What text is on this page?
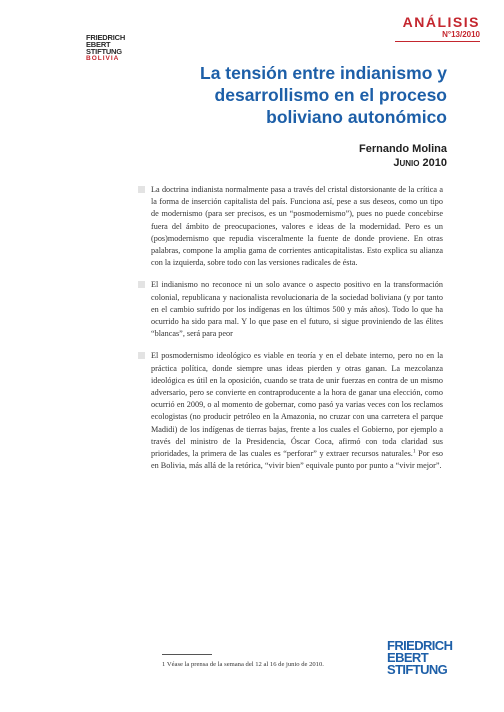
ANÁLISIS
N°13/2010
FRIEDRICH
EBERT
STIFTUNG
BOLIVIA
La tensión entre indianismo y desarrollismo en el proceso boliviano autonómico
Fernando Molina
Junio 2010
La doctrina indianista normalmente pasa a través del cristal distorsionante de la crítica a la forma de inserción capitalista del país. Funciona así, pese a sus deseos, como un tipo de modernismo (para ser precisos, es un “posmodernismo”), pues no puede concebirse fuera del ámbito de preocupaciones, valores e ideas de la modernidad. Pero es un (pos)modernismo que repudia visceralmente la fuente de donde proviene. En otras palabras, compone la amplia gama de corrientes anticapitalistas. Esto explica su alianza con la izquierda, sobre todo con las versiones radicales de ésta.
El indianismo no reconoce ni un solo avance o aspecto positivo en la transformación colonial, republicana y nacionalista revolucionaria de la sociedad boliviana (y por tanto en el cambio sufrido por los indígenas en los últimos 500 y más años). Todo lo que ha ocurrido ha sido para mal. Y lo que pase en el futuro, si sigue proviniendo de las élites “blancas”, será para peor
El posmodernismo ideológico es viable en teoría y en el debate interno, pero no en la práctica política, donde siempre unas ideas pierden y otras ganan. La mezcolanza ideológica es útil en la oposición, cuando se trata de unir fuerzas en contra de un mismo adversario, pero se convierte en contraproducente a la hora de ganar una elección, como ocurrió en 2009, o al momento de gobernar, como pasó ya varias veces con los reclamos ecologistas (no producir petróleo en la Amazonia, no cruzar con una carretera el parque Madidi) de los indígenas de tierras bajas, frente a los cuales el Gobierno, por ejemplo a través del ministro de la Presidencia, Óscar Coca, afirmó con toda claridad sus prioridades, la primera de las cuales es “perforar” y extraer recursos naturales.$^1$ Por eso en Bolivia, más allá de la retórica, “vivir bien” equivale punto por punto a “vivir mejor”.
1 Véase la prensa de la semana del 12 al 16 de junio de 2010.
FRIEDRICH
EBERT
STIFTUNG
